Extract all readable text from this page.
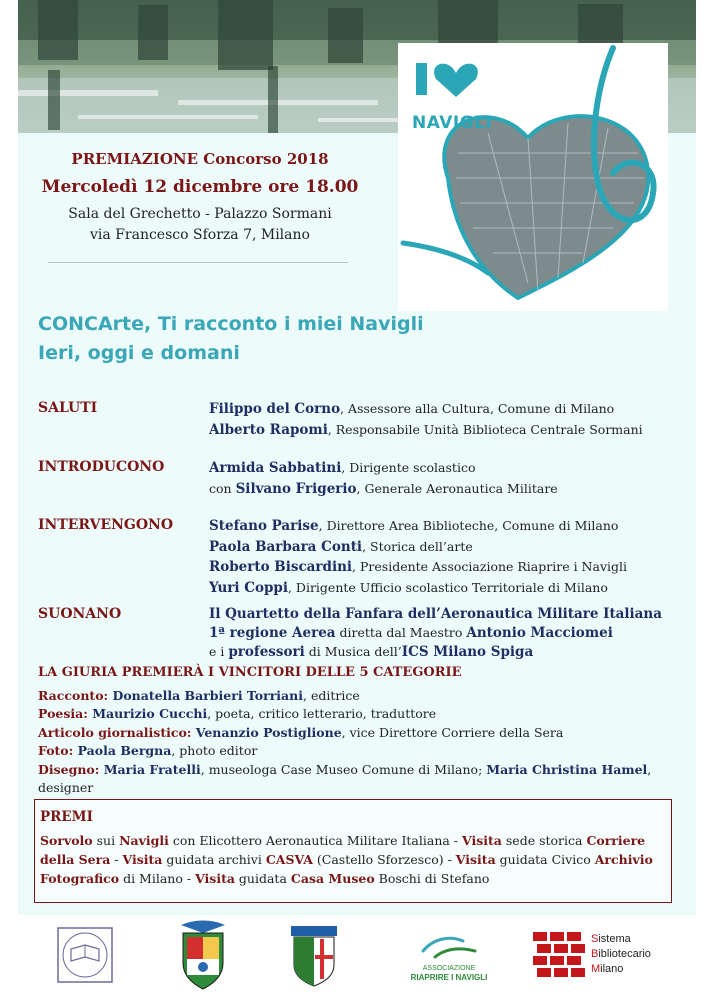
NAVIGLI
PREMIAZIONE Concorso 2018
Mercoledì 12 dicembre ore 18.00
Sala del Grechetto - Palazzo Sormani
via Francesco Sforza 7, Milano
CONCArte, Ti racconto i miei Navigli
Ieri, oggi e domani
SALUTI	Filippo del Corno, Assessore alla Cultura, Comune di Milano
Alberto Rapomi, Responsabile Unità Biblioteca Centrale Sormani
INTRODUCONO	Armida Sabbatini, Dirigente scolastico
con Silvano Frigerio, Generale Aeronautica Militare
INTERVENGONO	Stefano Parise, Direttore Area Biblioteche, Comune di Milano
Paola Barbara Conti, Storica dell’arte
Roberto Biscardini, Presidente Associazione Riaprire i Navigli
Yuri Coppi, Dirigente Ufficio scolastico Territoriale di Milano
SUONANO	Il Quartetto della Fanfara dell’Aeronautica Militare Italiana 1ª regione Aerea diretta dal Maestro Antonio Macciomei
e i professori di Musica dell’ICS Milano Spiga
LA GIURIA PREMIERÀ I VINCITORI DELLE 5 CATEGORIE
Racconto: Donatella Barbieri Torriani, editrice
Poesia: Maurizio Cucchi, poeta, critico letterario, traduttore
Articolo giornalistico: Venanzio Postiglione, vice Direttore Corriere della Sera
Foto: Paola Bergna, photo editor
Disegno: Maria Fratelli, museologa Case Museo Comune di Milano; Maria Christina Hamel,
designer
PREMI
Sorvolo sui Navigli con Elicottero Aeronautica Militare Italiana - Visita sede storica Corriere della Sera - Visita guidata archivi CASVA (Castello Sforzesco) - Visita guidata Civico Archivio Fotografico di Milano - Visita guidata Casa Museo Boschi di Stefano
ASSOCIAZIONE
RIAPRIRE I NAVIGLI
Sistema
Bibliotecario
Milano
